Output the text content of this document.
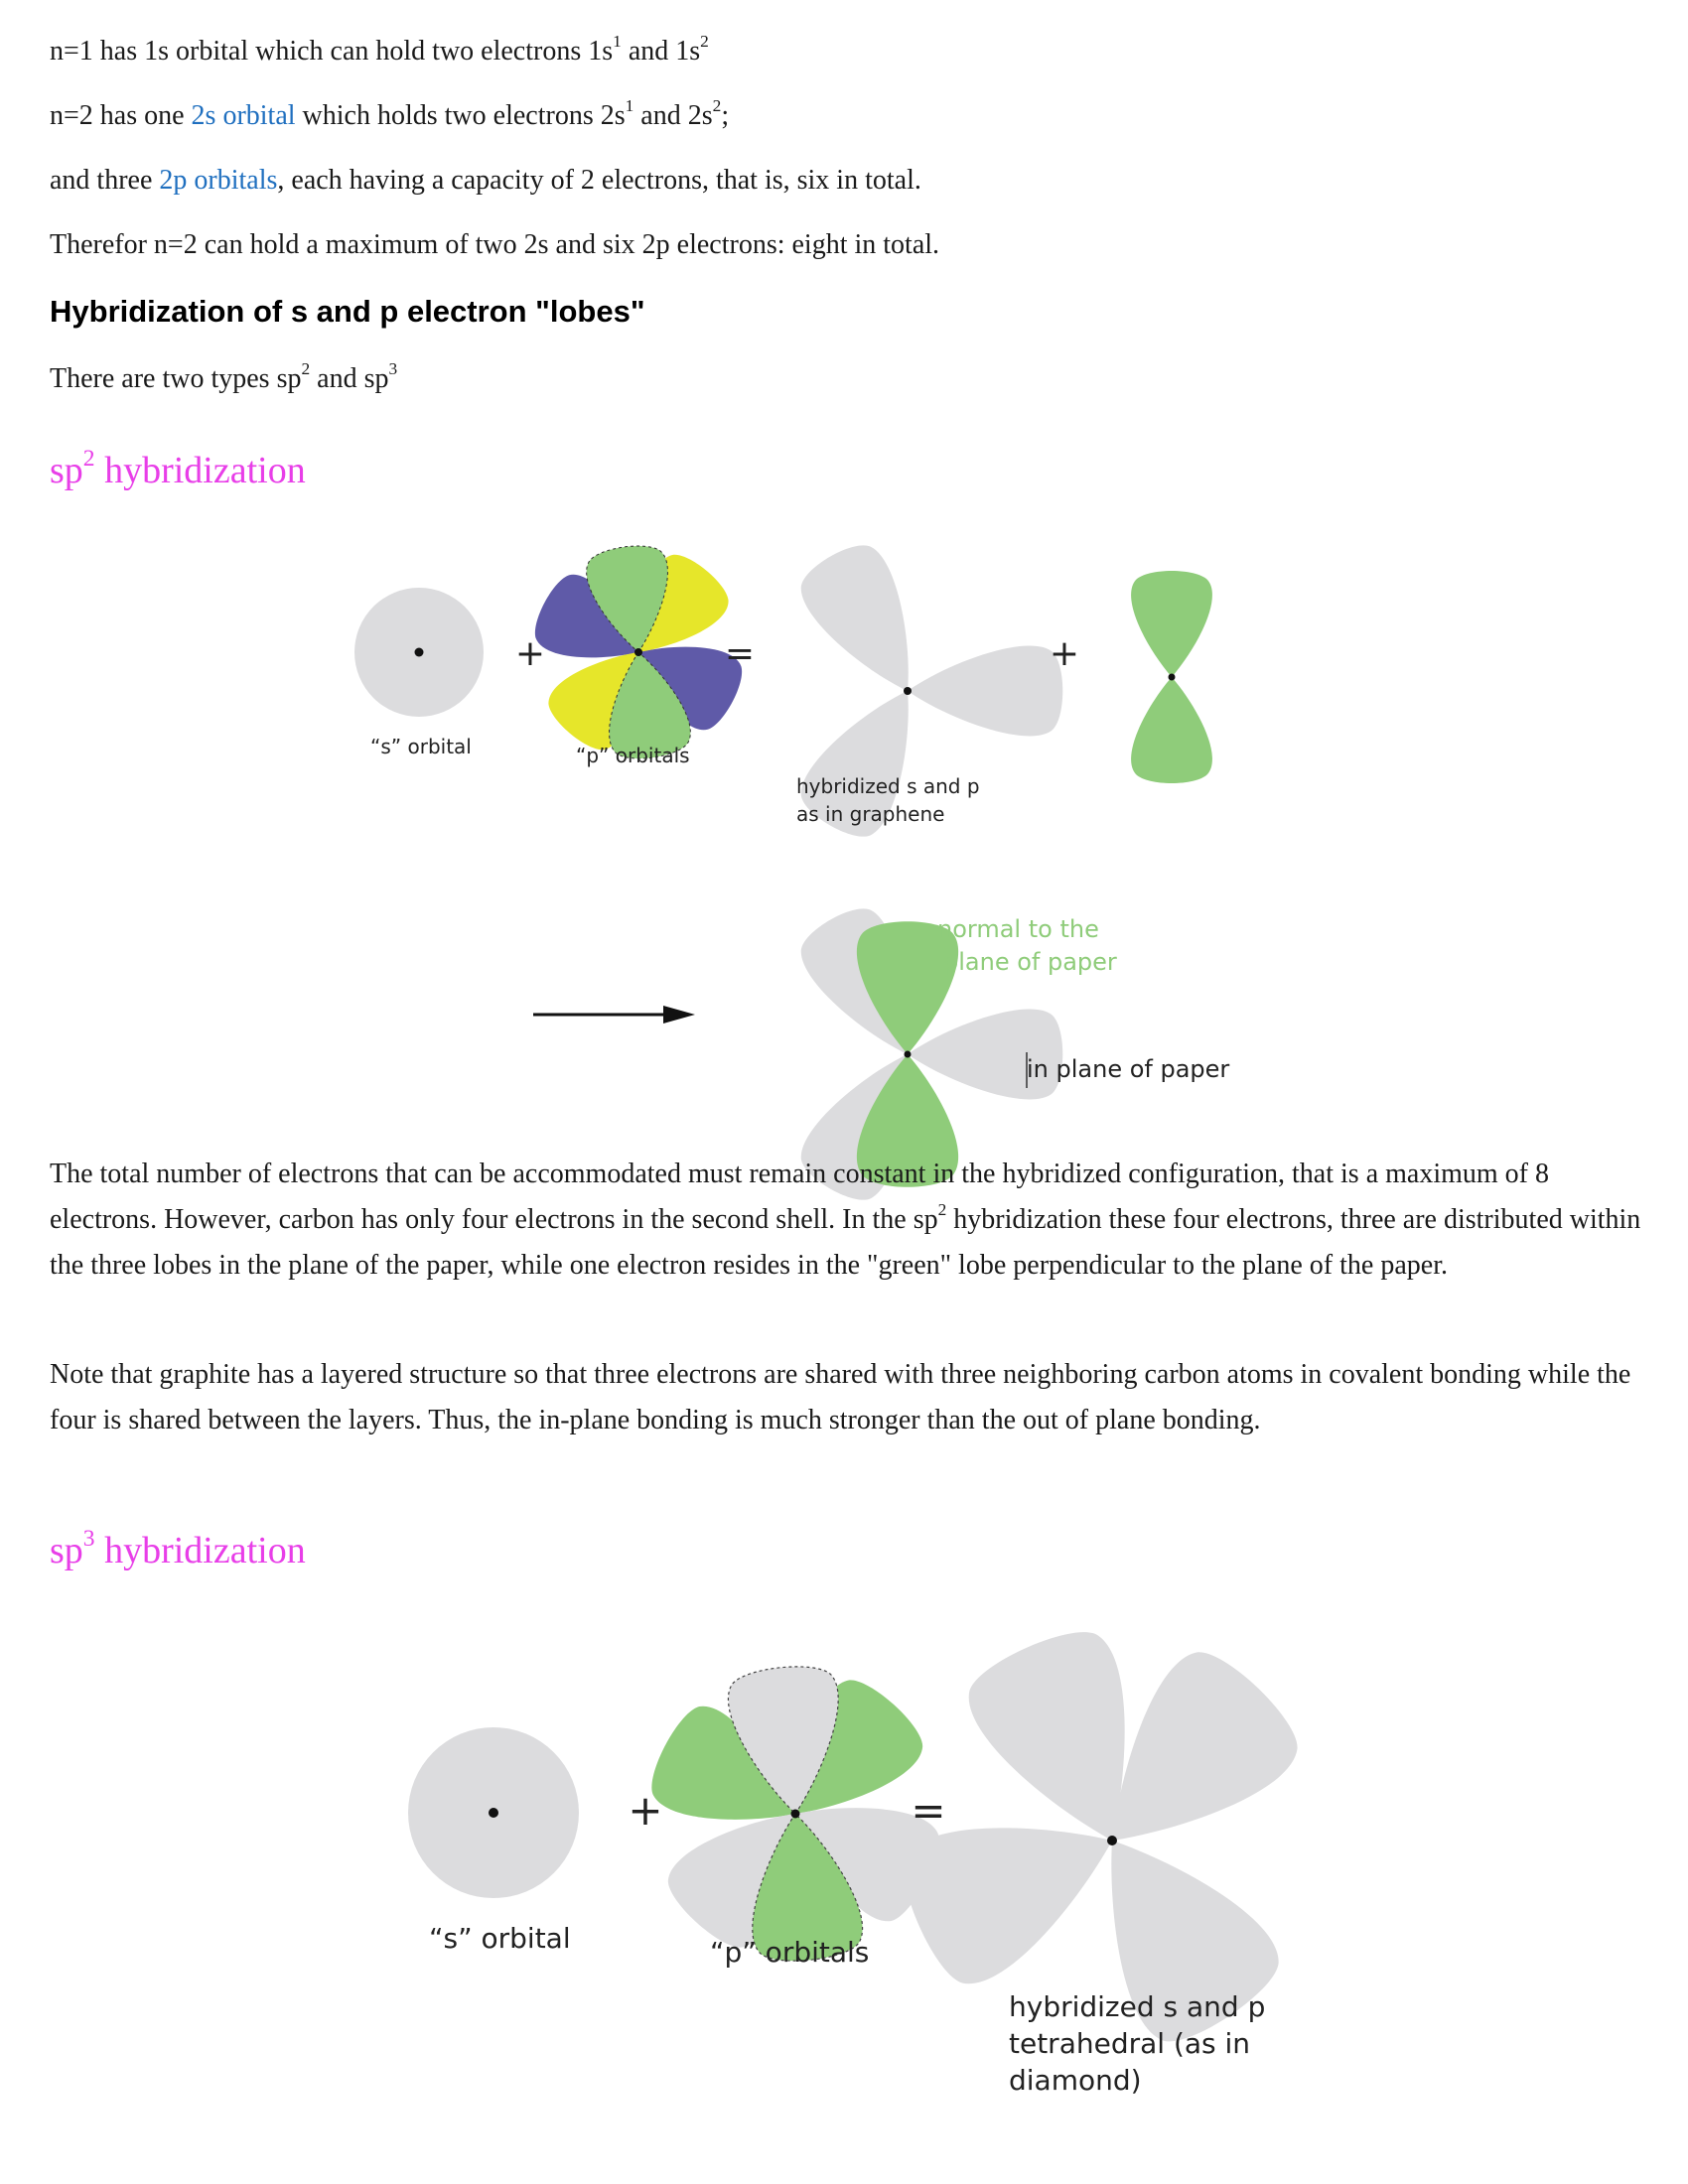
n=1 has 1s orbital which can hold two electrons $1s^1$ and $1s^2$
n=2 has one 2s orbital which holds two electrons $2s^1$ and $2s^2$;
and three 2p orbitals, each having a capacity of 2 electrons, that is, six in total.
Therefor n=2 can hold a maximum of two 2s and six 2p electrons: eight in total.
Hybridization of s and p electron "lobes"
There are two types $sp^2$ and $sp^3$
$sp^2$ hybridization
“s” orbital
+
“p” orbitals
=
hybridized s and p
as in graphene
+
normal to the
plane of paper
in plane of paper
The total number of electrons that can be accommodated must remain constant in the hybridized configuration, that is a maximum of 8 electrons. However, carbon has only four electrons in the second shell. In the $sp^2$ hybridization these four electrons, three are distributed within the three lobes in the plane of the paper, while one electron resides in the "green" lobe perpendicular to the plane of the paper.
Note that graphite has a layered structure so that three electrons are shared with three neighboring carbon atoms in covalent bonding while the four is shared between the layers. Thus, the in-plane bonding is much stronger than the out of plane bonding.
$sp^3$ hybridization
“s” orbital
+
“p” orbitals
=
hybridized s and p
tetrahedral (as in
diamond)
